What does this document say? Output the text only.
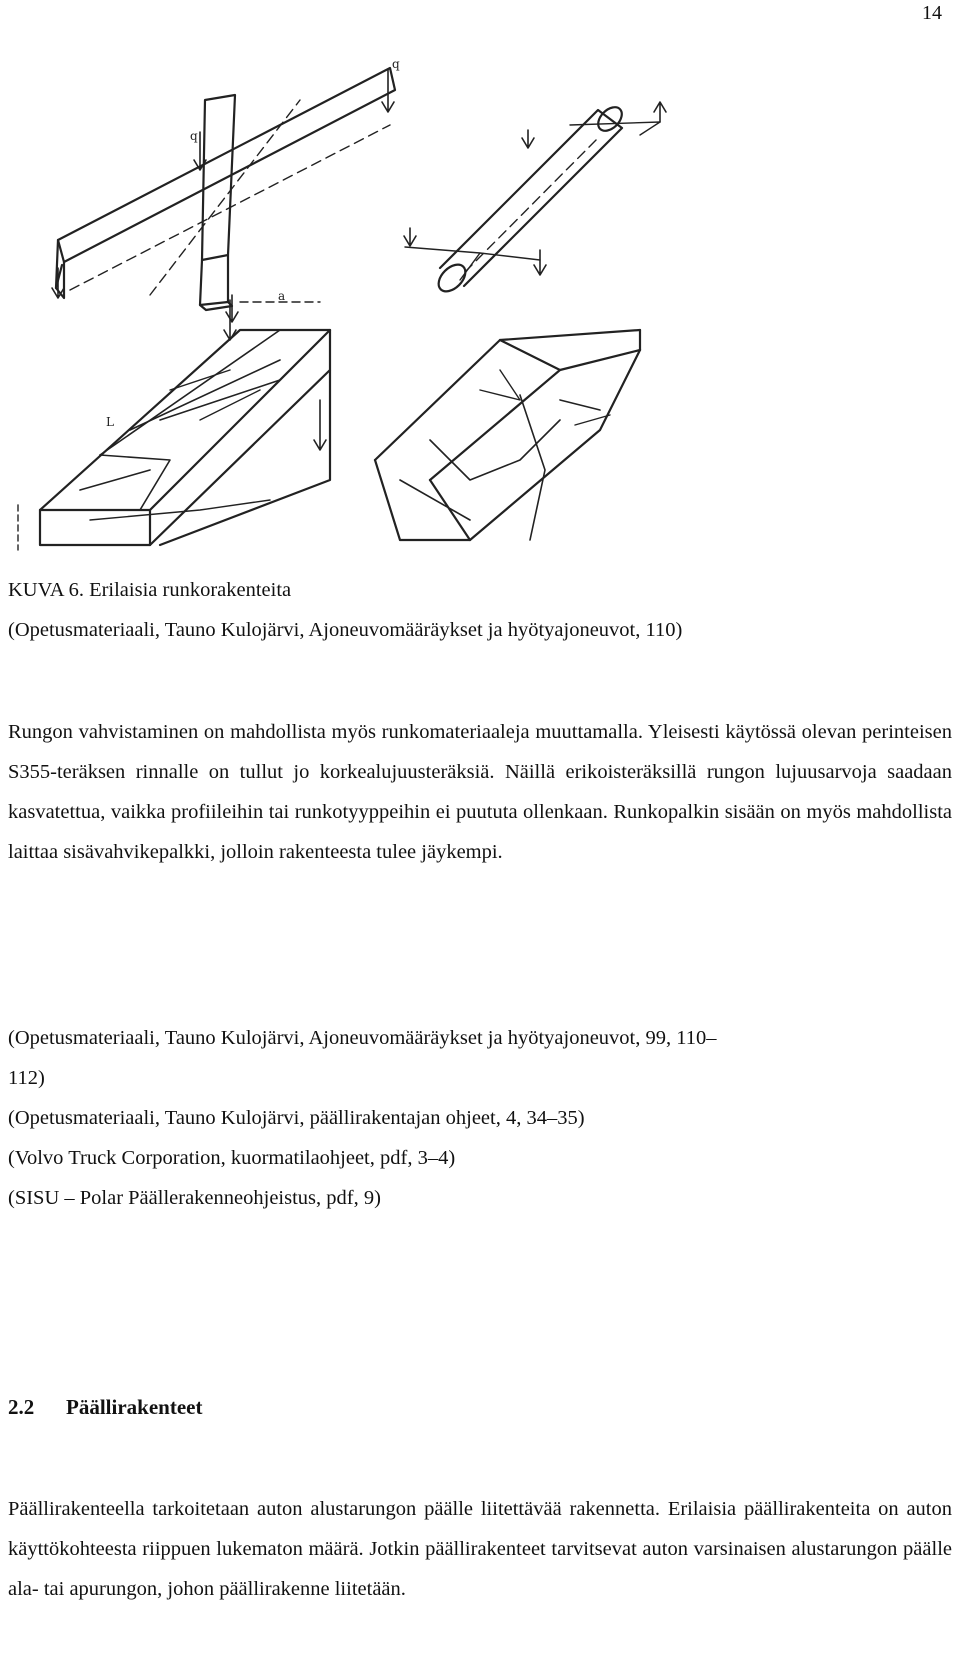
14
q
q
a
L
KUVA 6. Erilaisia runkorakenteita
(Opetusmateriaali, Tauno Kulojärvi, Ajoneuvomääräykset ja hyötyajoneuvot, 110)

Rungon vahvistaminen on mahdollista myös runkomateriaaleja muuttamalla. Yleisesti käytössä olevan perinteisen S355-teräksen rinnalle on tullut jo korkealujuusteräksiä. Näillä erikoisteräksillä rungon lujuusarvoja saadaan kasvatettua, vaikka profiileihin tai runkotyyppeihin ei puututa ollenkaan. Runkopalkin sisään on myös mahdollista laittaa sisävahvikepalkki, jolloin rakenteesta tulee jäykempi.

(Opetusmateriaali, Tauno Kulojärvi, Ajoneuvomääräykset ja hyötyajoneuvot, 99, 110–
112)
(Opetusmateriaali, Tauno Kulojärvi, päällirakentajan ohjeet, 4, 34–35)
(Volvo Truck Corporation, kuormatilaohjeet, pdf, 3–4)
(SISU – Polar Päällerakenneohjeistus, pdf, 9)
2.2 Päällirakenteet

Päällirakenteella tarkoitetaan auton alustarungon päälle liitettävää rakennetta. Erilaisia päällirakenteita on auton käyttökohteesta riippuen lukematon määrä. Jotkin päällirakenteet tarvitsevat auton varsinaisen alustarungon päälle ala- tai apurungon, johon päällirakenne liitetään.
